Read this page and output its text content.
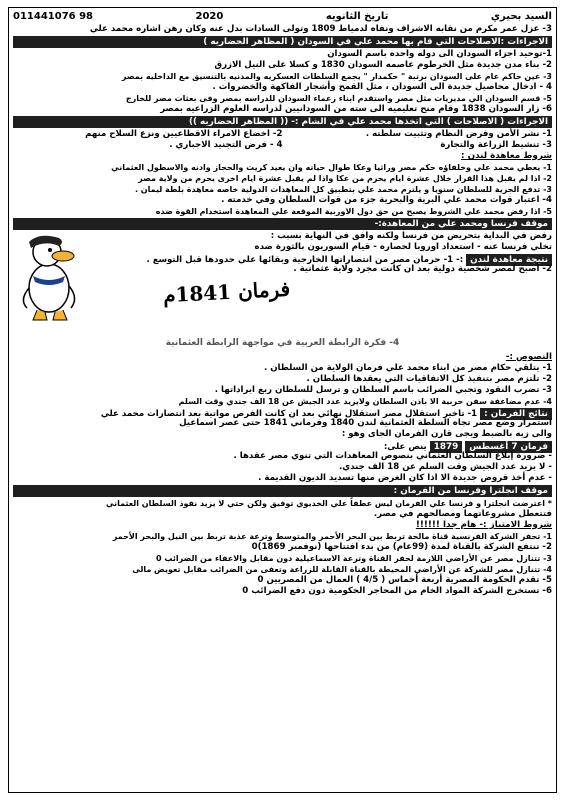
011441076 98	2020	تاريخ الثانويه	السيد بحيري
3- عزل عمر مكرم من نقابه الاشراف ونفاه لدمياط 1809 وتولى السادات بدل عنه وكان رهن اشاره محمد علي
الاجراءات :الاصلاحات التي قام بها محمد علي في السودان ( المظاهر الحضاريه )
1-توحيد اجزاء السودان الى دوله واحده باسم السودان
2- بناء مدن جديدة مثل الخرطوم عاصمه السودان 1830 و كسلا على النيل الازرق
3- عين حاكم عام على السودان برتبة " حكمدار " يجمع السلطات العسكريه والمدنيه بالتنسيق مع الداخليه بمصر
4 - ادخال محاصيل جديدة الى السودان ، مثل القمح وأشجار الفاكهة والخضروات .
5- قسم السودان الي مديريات مثل مصر واستقدم ابناء زعماء السودان للدراسه بمصر وفى بعثات مصر للخارج
6- زار السودان 1838 وقام منح تعليميه الى سته من السودانيين لدراسه العلوم الزراعيه بمصر
الاجراءات ( الاصلاحات ) التي اتخذها محمد علي في الشام :- (( المظاهر الحضاريه ))
1- نشر الأمن وفرض النظام وتثبيت سلطته .
2- اخضاع الامراء الاقطاعيين ونزع السلاح منهم
3- تنشيط الزراعة والتجارة
4 - فرض التجنيد الاجباري .
شروط معاهدة لندن :
1- يعطي محمد علي وخلفاؤه حكم مصر وراثيا وعكا طوال حياته وان يعيد كريت والحجاز وادنه والاسطول العثماني
2- اذا لم يقبل هذا القرار خلال عشرة ايام يحرم من عكا واذا لم يقبل عشرة ايام اخرى يحرم من ولاية مصر
3- تدفع الجزية للسلطان سنويا و يلتزم محمد علي بتطبيق كل المعاهدات الدولية خاصه معاهدة بلطة ليمان .
4- اعتبار قوات محمد علي البرية والبحرية جزء من قوات السلطان وفي خدمته .
5- اذا رفض محمد علي الشروط يصبح من حق دول الاوربية الموقعة علي المعاهدة استخدام القوة ضده
موقف فرنسا ومحمد علي من المعاهدة:-
رفض في البداية بتحريض من فرنسا ولكنه وافق في النهاية بسبب :
تخلي فرنسا عنه - استعداد اوروبا لحصاره - قيام السوريون بالثورة ضده
نتيجة معاهدة لندن :- 1- حرمان مصر من انتصاراتها الخارجية وبقائها علي حدودها قبل التوسع .
2- أصبح لمصر شخصية دولية بعد ان كانت مجرد ولاية عثمانية .
فرمان 1841م
4- فكرة الرابطة العربية في مواجهة الرابطة العثمانية
النصوص :-
1- يتلقي حكام مصر من ابناء محمد علي فرمان الولاية من السلطان .
2- تلتزم مصر بتنفيذ كل الاتفاقيات التي يعقدها السلطان .
3- تضرب النقود وتجبي الضرائب باسم السلطان و ترسل للسلطان ربع ايراداتها .
4- عدم مضاعفة سفن حربية الا باذن السلطان ولايزيد عدد الجيش عن 18 الف جندي وقت السلم
نتائج الفرمان : 1- تاخير استقلال مصر استقلال نهائي بعد ان كانت الفرص مواتية بعد انتصارات محمد علي
استمرار وضع مصر تجاه السلطة العثمانية لندن 1840 وفرماني 1841 حتى عصر اسماعيل
والى زيه بالضبط ويجى قارن الفرمان الجاى وهو :
فرمان 7 أغسطس 1879 ينص على:
- ضرورة إبلاغ السلطان العثماني بنصوص المعاهدات التي تنوي مصر عقدها .
- لا يزيد عدد الجيش وقت السلم عن 18 الف جندي.
- عدم أخذ قروض جديدة الا اذا كان الغرض منها تسديد الديون القديمة .
موقف انجلترا وفرنسا من الفرمان :
* اعترضت انجلترا و فرنسا علي الفرمان ليس عطفاً علي الخديوي توفيق ولكن حتي لا يزيد نفوذ السلطان العثماني
فتتعطل مشروعاتهما ومصالحهم في مصر.
شروط الامتياز :- هام جدا !!!!!!
1- تحفر الشركة الفرنسية قناة مالحة تربط بين البحر الأحمر والمتوسط وترعة عذبة تربط بين النيل والبحر الأحمر
2- تنتفع الشركة بالقناة لمدة (99عام) من بدء افتتاحها (نوفمبر 1869)0
3- تتنازل مصر عن الأراضي اللازمة لحفر القناة وترعة الاسماعيلية دون مقابل والاعفاء من الضرائب 0
4- تتنازل مصر للشركة عن الأراضي المحيطة بالقناة القابلة للزراعة وتعفى من الضرائب مقابل تعويض مالى
5- تقدم الحكومة المصرية أربعة أخماس ( 4/5 ) العمال من المصريين 0
6- تستخرج الشركة المواد الخام من المحاجر الحكومية دون دفع الضرائب 0
